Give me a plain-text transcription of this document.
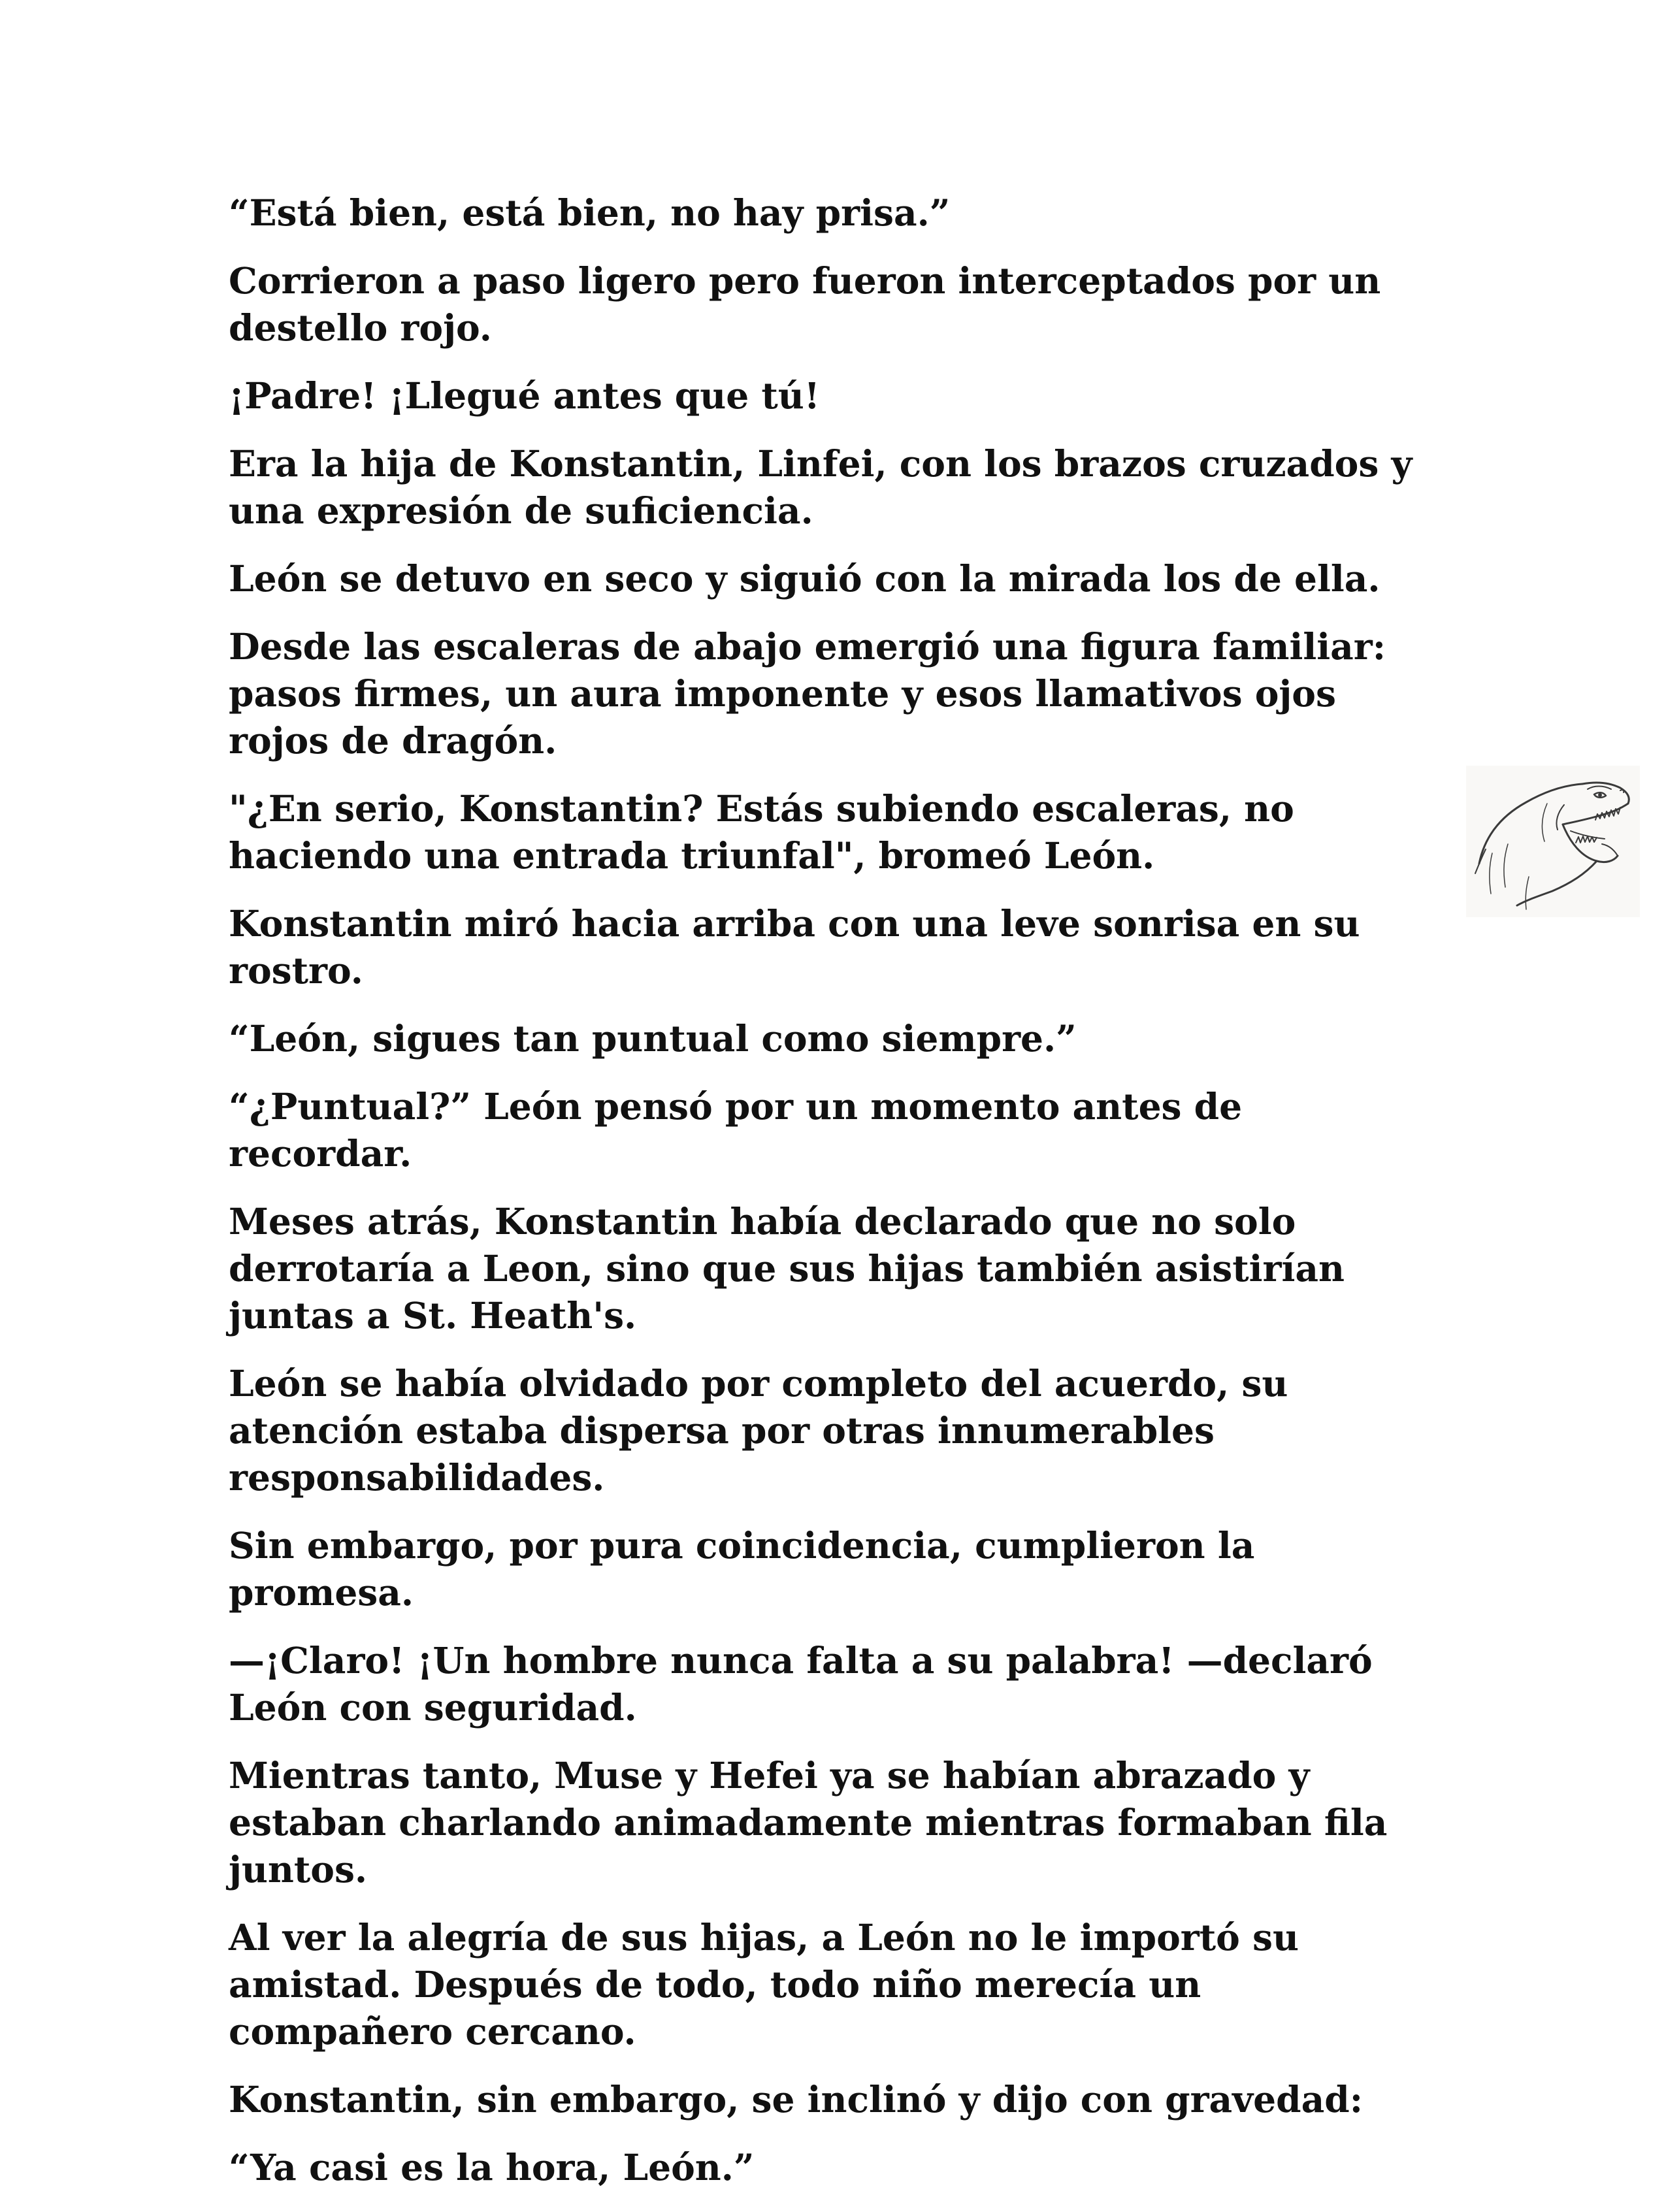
“Está bien, está bien, no hay prisa.”

Corrieron a paso ligero pero fueron interceptados por un destello rojo.

¡Padre! ¡Llegué antes que tú!

Era la hija de Konstantin, Linfei, con los brazos cruzados y una expresión de suficiencia.

León se detuvo en seco y siguió con la mirada los de ella.

Desde las escaleras de abajo emergió una figura familiar: pasos firmes, un aura imponente y esos llamativos ojos rojos de dragón.

"¿En serio, Konstantin? Estás subiendo escaleras, no haciendo una entrada triunfal", bromeó León.

Konstantin miró hacia arriba con una leve sonrisa en su rostro.

“León, sigues tan puntual como siempre.”

“¿Puntual?” León pensó por un momento antes de recordar.

Meses atrás, Konstantin había declarado que no solo derrotaría a Leon, sino que sus hijas también asistirían juntas a St. Heath's.

León se había olvidado por completo del acuerdo, su atención estaba dispersa por otras innumerables responsabilidades.

Sin embargo, por pura coincidencia, cumplieron la promesa.

—¡Claro! ¡Un hombre nunca falta a su palabra! —declaró León con seguridad.

Mientras tanto, Muse y Hefei ya se habían abrazado y estaban charlando animadamente mientras formaban fila juntos.

Al ver la alegría de sus hijas, a León no le importó su amistad. Después de todo, todo niño merecía un compañero cercano.

Konstantin, sin embargo, se inclinó y dijo con gravedad:

“Ya casi es la hora, León.”
